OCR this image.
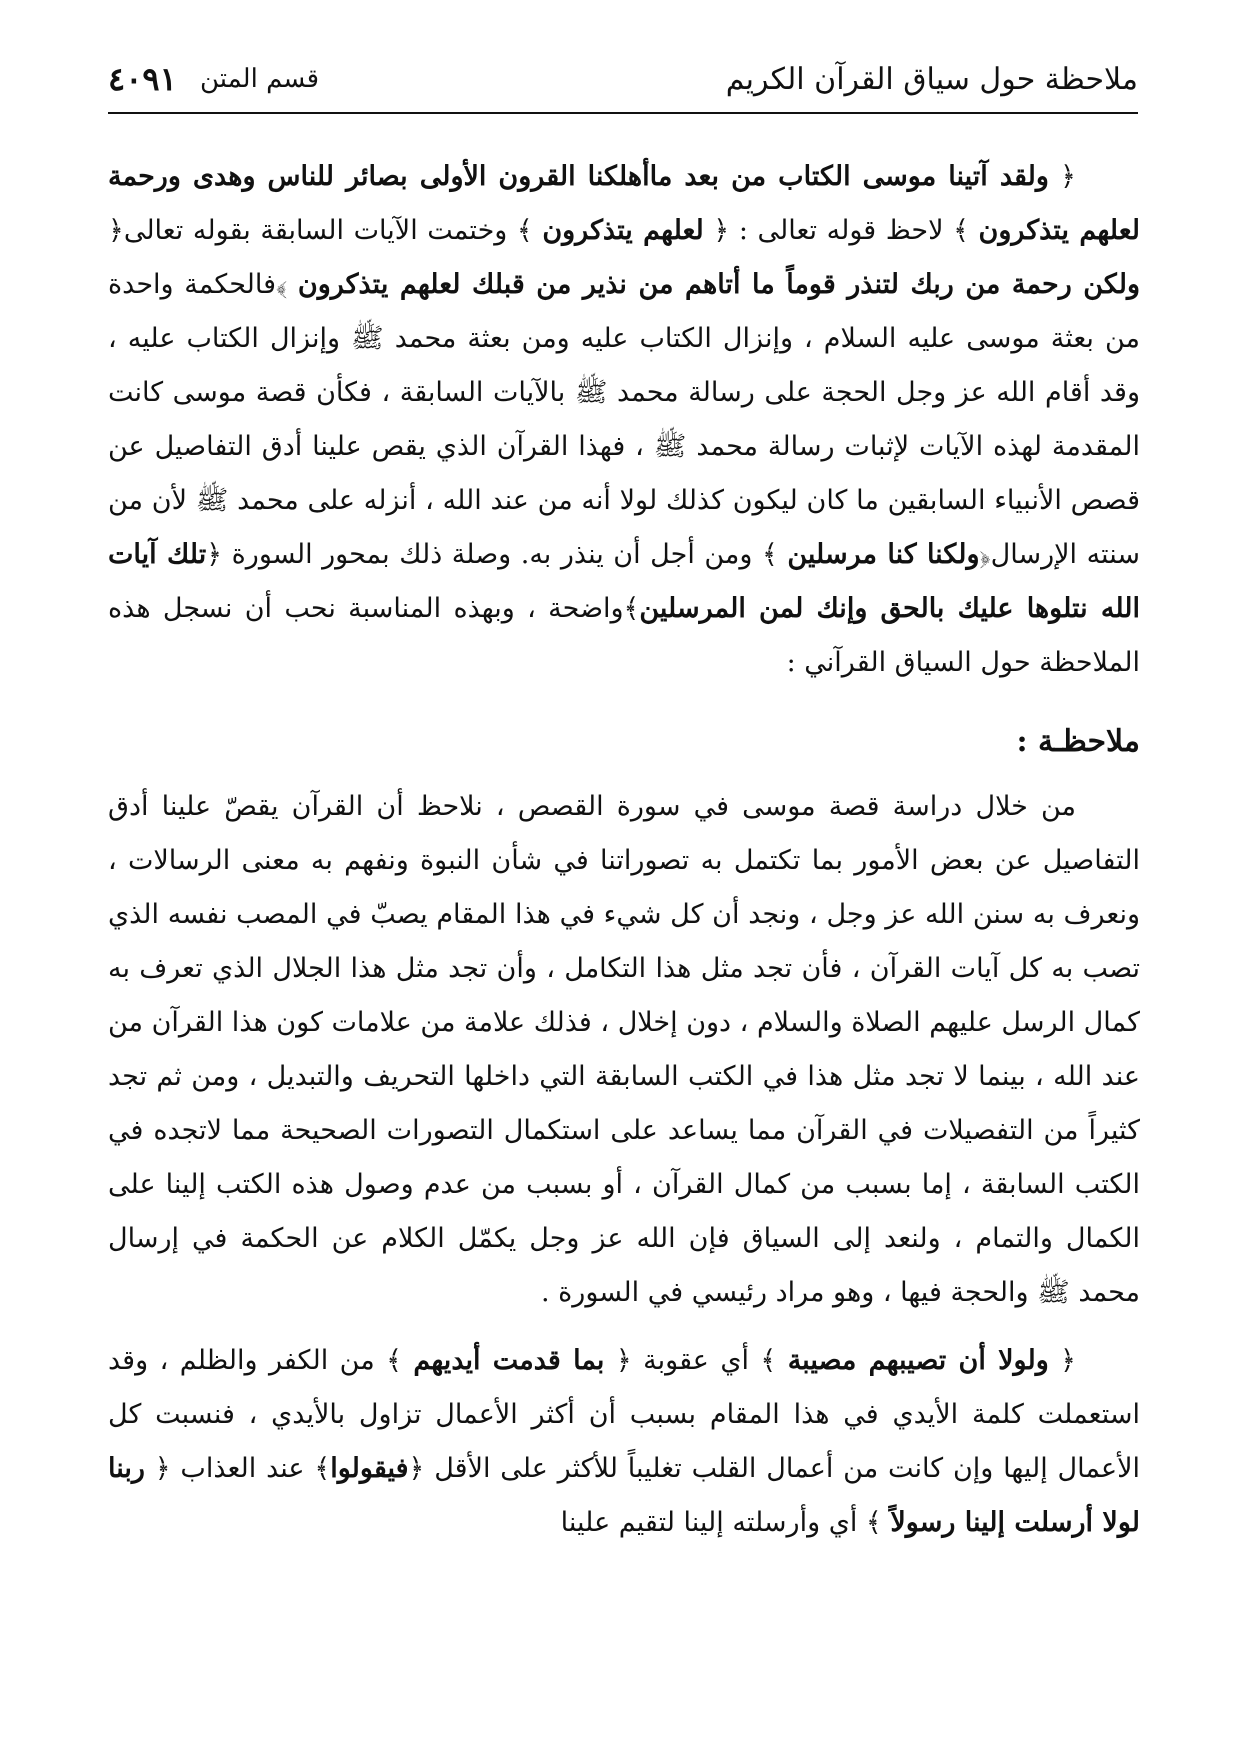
ملاحظة حول سياق القرآن الكريم
قسم المتن
٤٠٩١

﴿ ولقد آتينا موسى الكتاب من بعد ماأهلكنا القرون الأولى بصائر للناس وهدى ورحمة لعلهم يتذكرون ﴾ لاحظ قوله تعالى : ﴿ لعلهم يتذكرون ﴾ وختمت الآيات السابقة بقوله تعالى﴿ ولكن رحمة من ربك لتنذر قوماً ما أتاهم من نذير من قبلك لعلهم يتذكرون ﴾فالحكمة واحدة من بعثة موسى عليه السلام ، وإنزال الكتاب عليه ومن بعثة محمد ﷺ وإنزال الكتاب عليه ، وقد أقام الله عز وجل الحجة على رسالة محمد ﷺ بالآيات السابقة ، فكأن قصة موسى كانت المقدمة لهذه الآيات لإثبات رسالة محمد ﷺ ، فهذا القرآن الذي يقص علينا أدق التفاصيل عن قصص الأنبياء السابقين ما كان ليكون كذلك لولا أنه من عند الله ، أنزله على محمد ﷺ لأن من سنته الإرسال﴿ولكنا كنا مرسلين ﴾ ومن أجل أن ينذر به. وصلة ذلك بمحور السورة ﴿تلك آيات الله نتلوها عليك بالحق وإنك لمن المرسلين﴾واضحة ، وبهذه المناسبة نحب أن نسجل هذه الملاحظة حول السياق القرآني :

ملاحظـة :

من خلال دراسة قصة موسى في سورة القصص ، نلاحظ أن القرآن يقصّ علينا أدق التفاصيل عن بعض الأمور بما تكتمل به تصوراتنا في شأن النبوة ونفهم به معنى الرسالات ، ونعرف به سنن الله عز وجل ، ونجد أن كل شيء في هذا المقام يصبّ في المصب نفسه الذي تصب به كل آيات القرآن ، فأن تجد مثل هذا التكامل ، وأن تجد مثل هذا الجلال الذي تعرف به كمال الرسل عليهم الصلاة والسلام ، دون إخلال ، فذلك علامة من علامات كون هذا القرآن من عند الله ، بينما لا تجد مثل هذا في الكتب السابقة التي داخلها التحريف والتبديل ، ومن ثم تجد كثيراً من التفصيلات في القرآن مما يساعد على استكمال التصورات الصحيحة مما لاتجده في الكتب السابقة ، إما بسبب من كمال القرآن ، أو بسبب من عدم وصول هذه الكتب إلينا على الكمال والتمام ، ولنعد إلى السياق فإن الله عز وجل يكمّل الكلام عن الحكمة في إرسال محمد ﷺ والحجة فيها ، وهو مراد رئيسي في السورة .

﴿ ولولا أن تصيبهم مصيبة ﴾ أي عقوبة ﴿ بما قدمت أيديهم ﴾ من الكفر والظلم ، وقد استعملت كلمة الأيدي في هذا المقام بسبب أن أكثر الأعمال تزاول بالأيدي ، فنسبت كل الأعمال إليها وإن كانت من أعمال القلب تغليباً للأكثر على الأقل ﴿فيقولوا﴾ عند العذاب ﴿ ربنا لولا أرسلت إلينا رسولاً ﴾ أي وأرسلته إلينا لتقيم علينا
